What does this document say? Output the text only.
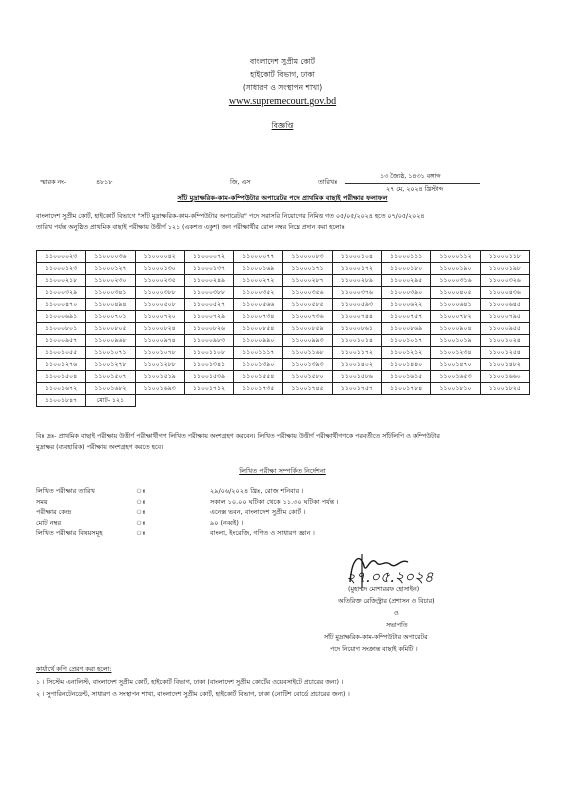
বাংলাদেশ সুপ্রীম কোর্ট
হাইকোর্ট বিভাগ, ঢাকা
(সাধারণ ও সংস্থাপন শাখা)
www.supremecourt.gov.bd
বিজ্ঞপ্তি
স্মারক নং-	৪৮১৮	জি, এস	তারিখঃ
১৩ জ্যৈষ্ঠ, ১৪৩১ বঙ্গাব্দ
২৭ মে, ২০২৪ খ্রিস্টাব্দ
সাঁট মুদ্রাক্ষরিক-কাম-কম্পিউটার অপারেটর পদে প্রাথমিক বাছাই পরীক্ষার ফলাফল
বাংলাদেশ সুপ্রীম কোর্ট, হাইকোর্ট বিভাগে "সাঁট মুদ্রাক্ষরিক-কাম-কম্পিউটার অপারেটর" পদে সরাসরি নিয়োগের নিমিত্ত গত ০৫/০৫/২০২৪ হতে ০৭/০৫/২০২৪
তারিখ পর্যন্ত অনুষ্ঠিত প্রাথমিক বাছাই পরীক্ষায় উত্তীর্ণ ১২১ (একশত একুশ) জন পরীক্ষার্থীর রোল নম্বর নিম্নে প্রদান করা হলোঃ
১১০০০০২৩	১১০০০০৩৬	১১০০০০৪২	১১০০০০৭২	১১০০০০৭৭	১১০০০০৮৩	১১০০০১০৪	১১০০০১১১	১১০০০১১২	১১০০০১১৮
১১০০০১২৩	১১০০০১২৭	১১০০০১৩০	১১০০০১৩৭	১১০০০১৬৯	১১০০০১৭১	১১০০০১৭২	১১০০০১৮০	১১০০০১৯০	১১০০০১৯৮
১১০০০২১৮	১১০০০২৩০	১১০০০২৩৫	১১০০০২৪৯	১১০০০২৭২	১১০০০২৮৭	১১০০০২৮৯	১১০০০২৯৫	১১০০০৩১৬	১১০০০৩২৬
১১০০০৩২৯	১১০০০৩৪১	১১০০০৩৮৮	১১০০০৩৮৮	১১০০০৩৫২	১১০০০৩৫৬	১১০০০৩৭৬	১১০০০৩৯০	১১০০০৪০৫	১১০০০৪৩৬
১১০০০৪৭০	১১০০০৪৯৪	১১০০০৫০৮	১১০০০৫২৭	১১০০০৫৬৬	১১০০০৫৮৫	১১০০০৫৯৩	১১০০০৬২২	১১০০০৬৪১	১১০০০৬৪৫
১১০০০৬৯১	১১০০০৭০১	১১০০০৭২০	১১০০০৭২৯	১১০০০৭৩৪	১১০০০৭৩৬	১১০০০৭৪৪	১১০০০৭৫৭	১১০০০৭৮২	১১০০০৭৯৫
১১০০০৮০১	১১০০০৮০৫	১১০০০৮২৪	১১০০০৮২৬	১১০০০৮৫৪	১১০০০৮৫৯	১১০০০৮৬১	১১০০০৮৬৯	১১০০০৯০৪	১১০০০৯৫৫
১১০০০৯৫৭	১১০০০৯৬৮	১১০০০৯৭৪	১১০০০৯৮৩	১১০০০৯৯০	১১০০০৯৯৩	১১০০১০১৪	১১০০১০১৭	১১০০১০১৯	১১০০১০২৪
১১০০১০৫৫	১১০০১০৭১	১১০০১০৭৮	১১০০১১০৮	১১০০১১১৭	১১০০১১৬৮	১১০০১১৭২	১১০০১২১২	১১০০১২৩৪	১১০০১২৫৪
১১০০১২৭৬	১১০০১২৭৮	১১০০১২৮৮	১১০০১৩৪১	১১০০১৩৯০	১১০০১৩৯৩	১১০০১৪০২	১১০০১৪৪০	১১০০১৪৭০	১১০০১৪৮২
১১০০১৫০৪	১১০০১৫০৭	১১০০১৫১৯	১১০০১৫৩৯	১১০০১৫৫৪	১১০০১৫৮০	১১০০১৫৮৬	১১০০১৬১৫	১১০০১৬৫৩	১১০০১৬৬০
১১০০১৬৭২	১১০০১৬৮২	১১০০১৬৯৩	১১০০১৭১২	১১০০১৭৩৫	১১০০১৭৪৫	১১০০১৭৫৭	১১০০১৭৮৪	১১০০১৮১০	১১০০১৮২৫
১১০০১৮৪৭	মোট- ১২১								
বিঃ দ্রঃ- প্রাথমিক বাছাই পরীক্ষায় উত্তীর্ণ পরীক্ষার্থীগণ লিখিত পরীক্ষায় অংশগ্রহণ করবেন। লিখিত পরীক্ষায় উত্তীর্ণ পরীক্ষার্থীগণকে পরবর্তীতে সাঁটলিপি ও কম্পিউটার
মুদ্রাক্ষর (ব্যবহারিক) পরীক্ষায় অংশগ্রহণ করতে হবে।
লিখিত পরীক্ষা সম্পর্কিত নির্দেশনা
লিখিত পরীক্ষার তারিখ	ঃ	২৯/০৬/২০২৪ খ্রিঃ, রোজ শনিবার ।
সময়	ঃ	সকাল ১০.০০ ঘটিকা থেকে ১১.৩০ ঘটিকা পর্যন্ত ।
পরীক্ষার কেন্দ্র	ঃ	এনেক্স ভবন, বাংলাদেশ সুপ্রীম কোর্ট ।
মোট নম্বর	ঃ	৯০ (নব্বই) ।
লিখিত পরীক্ষার বিষয়সমূহ	ঃ	বাংলা, ইংরেজি, গণিত ও সাধারণ জ্ঞান ।
২৭.০৫.২০২৪
(মুহাম্মদ মোশাররফ হোসাইন)
অতিরিক্ত রেজিস্ট্রার (প্রশাসন ও বিচার)
ও
সভাপতি
সাঁট মুদ্রাক্ষরিক-কাম-কম্পিউটার অপারেটর
পদে নিয়োগ সংক্রান্ত বাছাই কমিটি ।
কার্যার্থে কপি প্রেরণ করা হলো:
১ । সিস্টেম এনালিস্ট, বাংলাদেশ সুপ্রীম কোর্ট, হাইকোর্ট বিভাগ, ঢাকা (বাংলাদেশ সুপ্রীম কোর্টের ওয়েবসাইটে প্রচারের জন্য) ।
২ । সুপারিনটেনডেন্ট, সাধারণ ও সংস্থাপন শাখা, বাংলাদেশ সুপ্রীম কোর্ট, হাইকোর্ট বিভাগ, ঢাকা (নোটিশ বোর্ডে প্রচারের জন্য) ।
